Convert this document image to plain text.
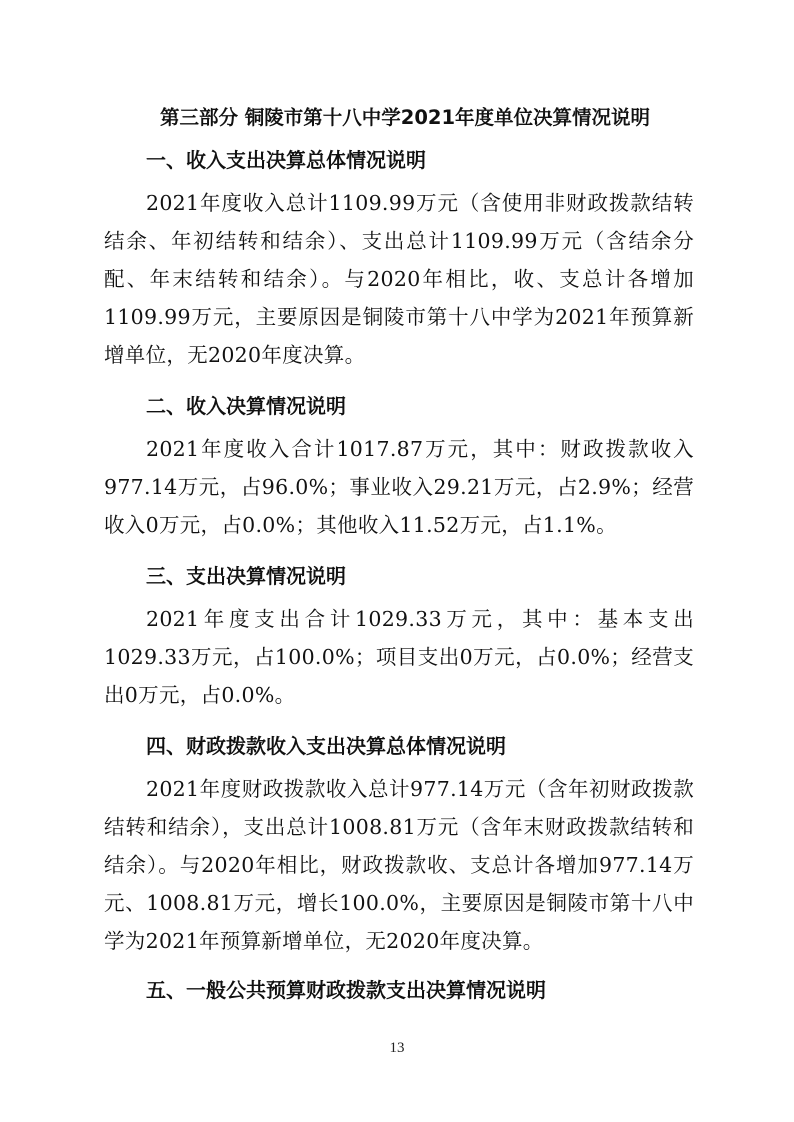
第三部分 铜陵市第十八中学2021年度单位决算情况说明
一、收入支出决算总体情况说明

2021年度收入总计1109.99万元（含使用非财政拨款结转结余、年初结转和结余）、支出总计1109.99万元（含结余分配、年末结转和结余）。与2020年相比，收、支总计各增加1109.99万元，主要原因是铜陵市第十八中学为2021年预算新增单位，无2020年度决算。

二、收入决算情况说明

2021年度收入合计1017.87万元，其中：财政拨款收入977.14万元，占96.0%；事业收入29.21万元，占2.9%；经营收入0万元，占0.0%；其他收入11.52万元，占1.1%。

三、支出决算情况说明

2021年度支出合计1029.33万元，其中：基本支出1029.33万元，占100.0%；项目支出0万元，占0.0%；经营支出0万元，占0.0%。

四、财政拨款收入支出决算总体情况说明

2021年度财政拨款收入总计977.14万元（含年初财政拨款结转和结余），支出总计1008.81万元（含年末财政拨款结转和结余）。与2020年相比，财政拨款收、支总计各增加977.14万元、1008.81万元，增长100.0%，主要原因是铜陵市第十八中学为2021年预算新增单位，无2020年度决算。

五、一般公共预算财政拨款支出决算情况说明
13
